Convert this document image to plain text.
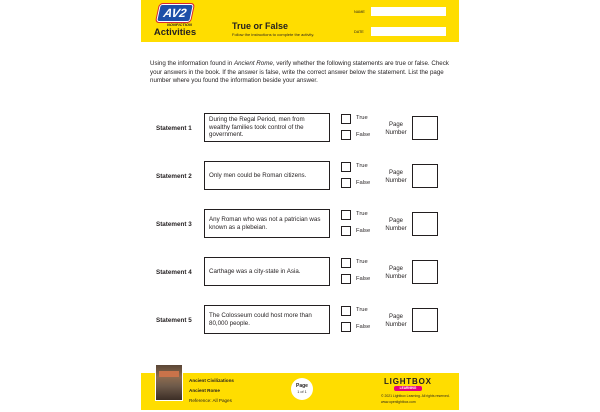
AV2
NONFICTION
Activities
True or False
Follow the instructions to complete the activity.
NAME
DATE
Using the information found in Ancient Rome, verify whether the following statements are true or false. Check your answers in the book. If the answer is false, write the correct answer below the statement. List the page number where you found the information beside your answer.
Statement 1
During the Regal Period, men from wealthy families took control of the government.
True
False
Page Number
Statement 2	Only men could be Roman citizens.
True
False
Page Number
Statement 3
Any Roman who was not a patrician was known as a plebeian.
True
False
Page Number
Statement 4	Carthage was a city-state in Asia.
True
False
Page Number
Statement 5
The Colosseum could host more than 80,000 people.
True
False
Page Number
Ancient Civilizations
Ancient Rome
Reference: All Pages
Page
1 of 1
LIGHTBOX
LEARNING
© 2021 Lightbox Learning. All rights reserved.
www.openlightbox.com
